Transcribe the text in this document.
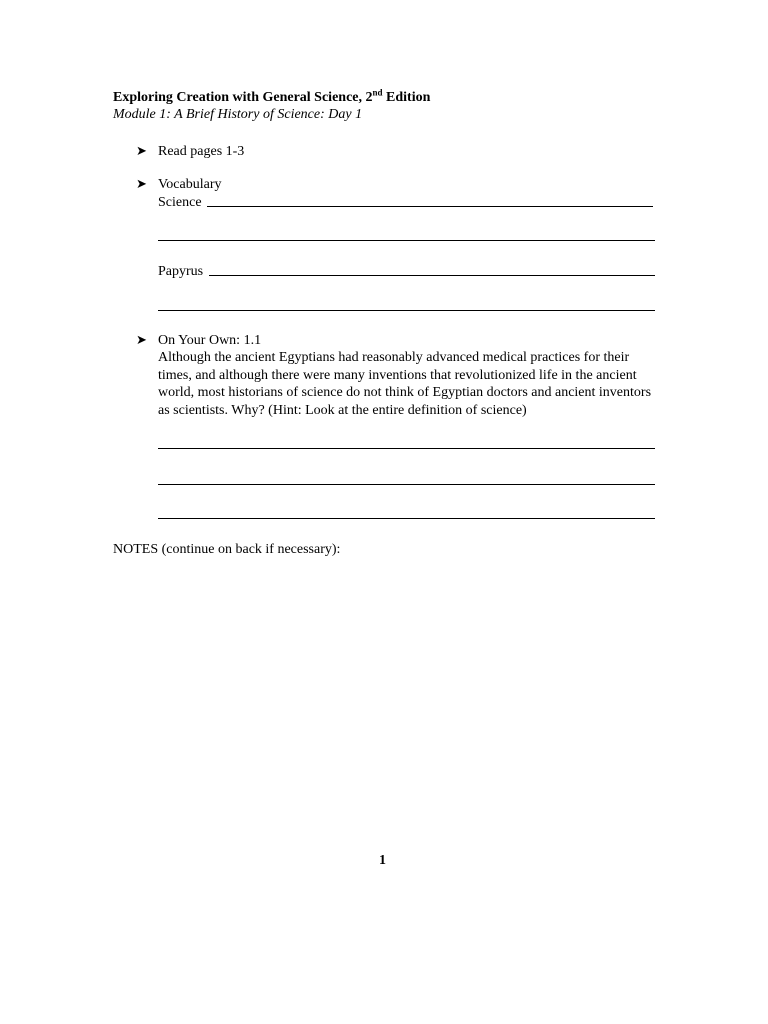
Exploring Creation with General Science, 2nd Edition
Module 1: A Brief History of Science: Day 1
➤ Read pages 1-3
➤ Vocabulary
Science
Papyrus
➤ On Your Own: 1.1
Although the ancient Egyptians had reasonably advanced medical practices for their times, and although there were many inventions that revolutionized life in the ancient world, most historians of science do not think of Egyptian doctors and ancient inventors as scientists. Why? (Hint: Look at the entire definition of science)
NOTES (continue on back if necessary):
1
